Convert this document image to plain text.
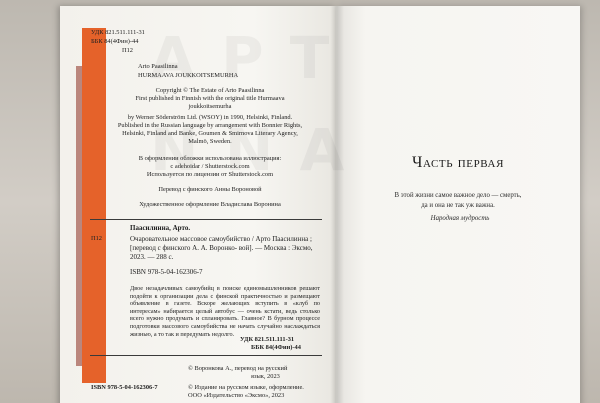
УДК 821.511.111-31
ББК 84(4Фин)-44
П12
Arto Paasilinna
HURMAAVA JOUKKOITSEMURHA
Copyright © The Estate of Arto Paasilinna
First published in Finnish with the original title Hurmaava
joukkoitsemurha
by Werner Söderström Ltd. (WSOY) in 1990, Helsinki, Finland.
Published in the Russian language by arrangement with Bonnier Rights,
Helsinki, Finland and Banke, Goumen & Smirnova Literary Agency,
Malmö, Sweden.
В оформлении обложки использована иллюстрация:
c adehoidar / Shutterstock.com
Используется по лицензии от Shutterstock.com
Перевод с финского Анны Вороновой
Художественное оформление Владислава Воронина
Паасилинна, Арто.
П12	Очаровательное массовое самоубийство / Арто Паасилинна ; [перевод с финского А. А. Воронко- вой]. — Москва : Эксмо, 2023. — 288 с.
ISBN 978-5-04-162306-7
Двое незадачливых самоубийц в поиске единомышленников решают подойти к организации дела с финской практичностью и размещают объявление в газете. Вскоре желающих вступить в «клуб по интересам» набирается целый автобус — очень кстати, ведь столько всего нужно продумать и спланировать. Главное? В бурном процессе подготовки массового самоубийства не начать случайно наслаждаться жизнью, а то так и передумать недолго.
УДК 821.511.111-31
ББК 84(4Фин)-44
© Воронкова А., перевод на русский
язык, 2023
ISBN 978-5-04-162306-7	© Издание на русском языке, оформление.
ООО «Издательство «Эксмо», 2023
Часть первая
В этой жизни самое важное дело — смерть,
да и она не так уж важна.
Народная мудрость
